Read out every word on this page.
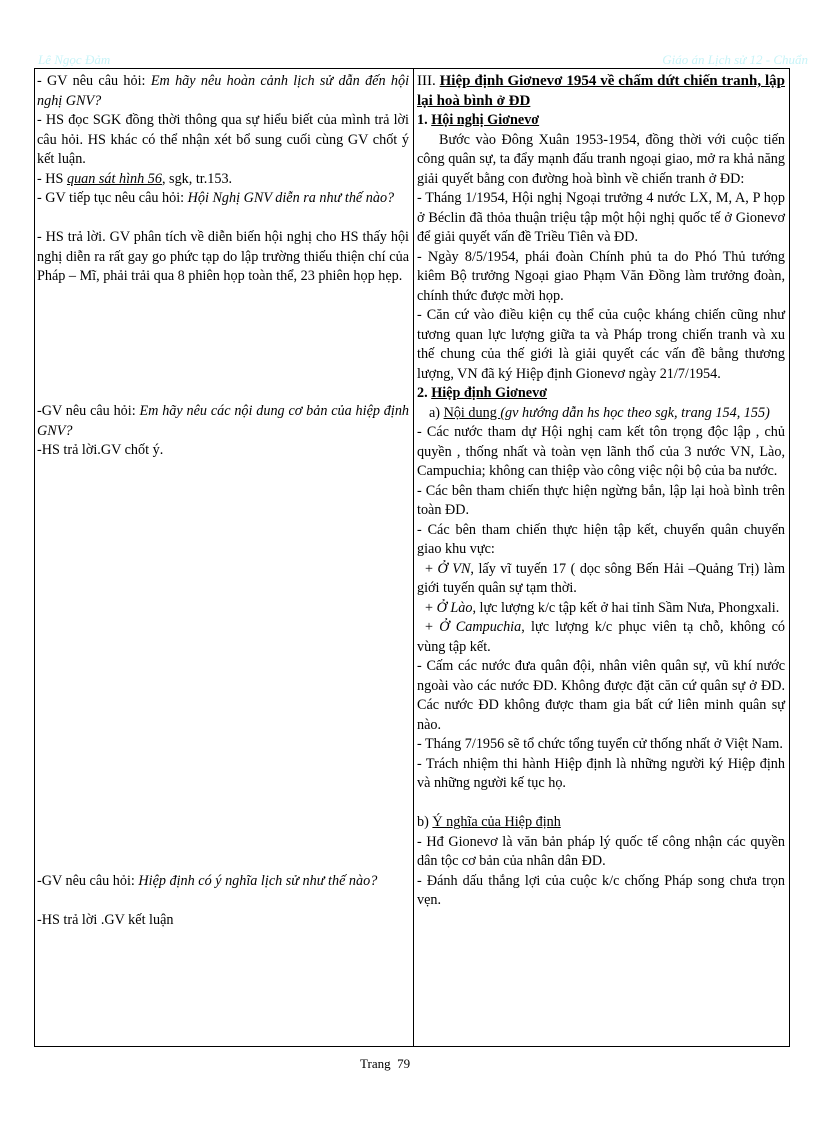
Lê Ngọc Đảm	Giáo án Lịch sử 12 - Chuẩn
- GV nêu câu hỏi: Em hãy nêu hoàn cảnh lịch sử dẫn đến hội nghị GNV?
- HS đọc SGK đồng thời thông qua sự hiểu biết của mình trả lời câu hỏi. HS khác có thể nhận xét bổ sung cuối cùng GV chốt ý kết luận.
- HS quan sát hình 56, sgk, tr.153.
- GV tiếp tục nêu câu hỏi: Hội Nghị GNV diễn ra như thế nào?
- HS trả lời. GV phân tích về diễn biến hội nghị cho HS thấy hội nghị diễn ra rất gay go phức tạp do lập trường thiếu thiện chí của Pháp – Mĩ, phải trải qua 8 phiên họp toàn thể, 23 phiên họp hẹp.
-GV nêu câu hỏi: Em hãy nêu các nội dung cơ bản của hiệp định GNV?
-HS trả lời.GV chốt ý.
-GV nêu câu hỏi: Hiệp định có ý nghĩa lịch sử như thế nào?
-HS trả lời .GV kết luận

III. Hiệp định Giơnevơ 1954 về chấm dứt chiến tranh, lập lại hoà bình ở ĐD

1. Hội nghị Giơnevơ

Bước vào Đông Xuân 1953-1954, đồng thời với cuộc tiến công quân sự, ta đẩy mạnh đấu tranh ngoại giao, mở ra khả năng giải quyết bằng con đường hoà bình về chiến tranh ở ĐD:

- Tháng 1/1954, Hội nghị Ngoại trưởng 4 nước LX, M, A, P họp ở Béclin đã thỏa thuận triệu tập một hội nghị quốc tế ở Gionevơ để giải quyết vấn đề Triều Tiên và ĐD.

- Ngày 8/5/1954, phái đoàn Chính phủ ta do Phó Thủ tướng kiêm Bộ trưởng Ngoại giao Phạm Văn Đồng làm trưởng đoàn, chính thức được mời họp.

- Căn cứ vào điều kiện cụ thể của cuộc kháng chiến cũng như tương quan lực lượng giữa ta và Pháp trong chiến tranh và xu thế chung của thế giới là giải quyết các vấn đề bằng thương lượng, VN đã ký Hiệp định Gionevơ ngày 21/7/1954.

2. Hiệp định Giơnevơ

a) Nội dung (gv hướng dẫn hs học theo sgk, trang 154, 155)

- Các nước tham dự Hội nghị cam kết tôn trọng độc lập , chủ quyền , thống nhất và toàn vẹn lãnh thổ của 3 nước VN, Lào, Campuchia; không can thiệp vào công việc nội bộ của ba nước.

- Các bên tham chiến thực hiện ngừng bắn, lập lại hoà bình trên toàn ĐD.

- Các bên tham chiến thực hiện tập kết, chuyển quân chuyển giao khu vực:

+ Ở VN, lấy vĩ tuyến 17 ( dọc sông Bến Hải –Quảng Trị) làm giới tuyến quân sự tạm thời.

+ Ở Lào, lực lượng k/c tập kết ở hai tỉnh Sầm Nưa, Phongxali.

+ Ở Campuchia, lực lượng k/c phục viên tạ chỗ, không có vùng tập kết.

- Cấm các nước đưa quân đội, nhân viên quân sự, vũ khí nước ngoài vào các nước ĐD. Không được đặt căn cứ quân sự ở ĐD. Các nước ĐD không được tham gia bất cứ liên minh quân sự nào.

- Tháng 7/1956 sẽ tổ chức tổng tuyển cử thống nhất ở Việt Nam.

- Trách nhiệm thi hành Hiệp định là những người ký Hiệp định và những người kế tục họ.

b) Ý nghĩa của Hiệp định

- Hđ Gionevơ là văn bản pháp lý quốc tế công nhận các quyền dân tộc cơ bản của nhân dân ĐD.

- Đánh dấu thắng lợi của cuộc k/c chống Pháp song chưa trọn vẹn.

Trang 79
